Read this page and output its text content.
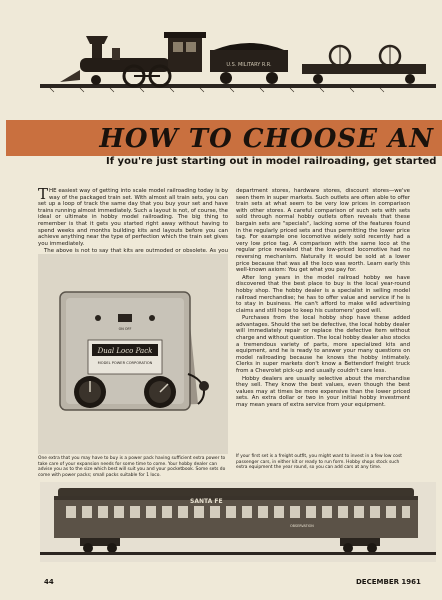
U.S. MILITARY R.R.
HOW TO CHOOSE AN
If you're just starting out in model railroading, get started

THE easiest way of getting into scale model railroading today is by way of the packaged train set. With almost all train sets, you can set up a loop of track the same day that you buy your set and have trains running almost immediately. Such a layout is not, of course, the ideal or ultimate in hobby model railroading. The big thing to remember is that it gets you started right away without having to spend weeks and months building kits and layouts before you can achieve anything near the type of perfection which the train set gives you immediately.

The above is not to say that kits are outmoded or obsolete. As you

Dual Loco Pack
MODEL POWER CORPORATION
ON OFF

department stores, hardware stores, discount stores—we've seen them in super markets. Such outlets are often able to offer train sets at what seem to be very low prices in comparison with other stores. A careful comparison of such sets with sets sold through normal hobby outlets often reveals that these bargain sets are "specials", lacking some of the features found in the regularly priced sets and thus permitting the lower price tag. For example one locomotive widely sold recently had a very low price tag. A comparison with the same loco at the regular price revealed that the low-priced locomotive had no reversing mechanism. Naturally it would be sold at a lower price because that was all the loco was worth. Learn early this well-known axiom: You get what you pay for.

After long years in the model railroad hobby we have discovered that the best place to buy is the local year-round hobby shop. The hobby dealer is a specialist in selling model railroad merchandise; he has to offer value and service if he is to stay in business. He can't afford to make wild advertising claims and still hope to keep his customers' good will.

Purchases from the local hobby shop have these added advantages. Should the set be defective, the local hobby dealer will immediately repair or replace the defective item without charge and without question. The local hobby dealer also stocks a tremendous variety of parts, more specialized kits and equipment, and he is ready to answer your many questions on model railroading because he knows the hobby intimately. Clerks in super markets don't know a Bettendorf freight truck from a Chevrolet pick-up and usually couldn't care less.

Hobby dealers are usually selective about the merchandise they sell. They know the best values, even though the best values may at times be more expensive than the lower priced sets. An extra dollar or two in your initial hobby investment may mean years of extra service from your equipment.

One extra that you may have to buy is a power pack having sufficient extra power to take care of your expansion needs for some time to come. Your hobby dealer can advise you as to the size which best will suit you and your pocketbook. Some sets do come with power packs; small packs suitable for 1 loco.
If your first set is a freight outfit, you might want to invest in a few low cost passenger cars, in either kit or ready to run form. Hobby shops stock such extra equipment the year round, so you can add cars at any time.
SANTA FE
OBSERVATION
44	DECEMBER 1961
